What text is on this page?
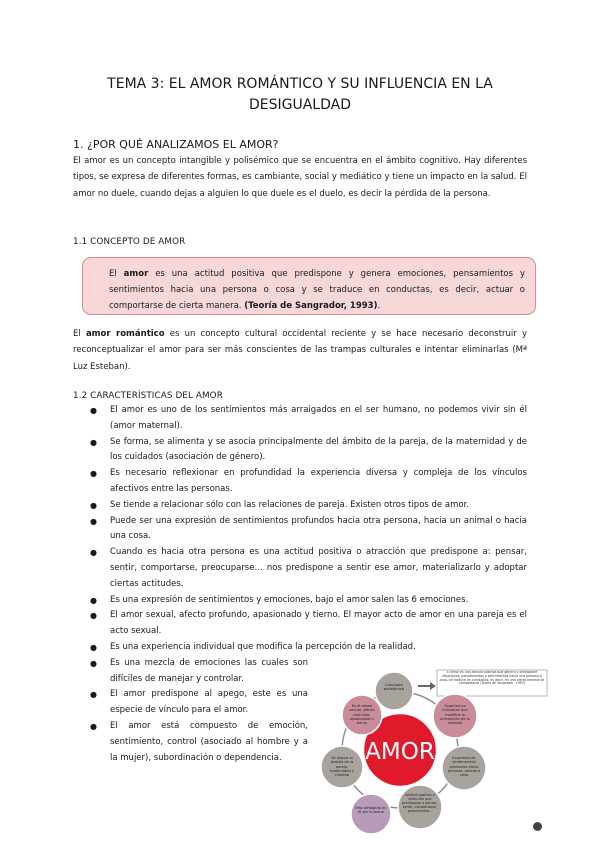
TEMA 3: EL AMOR ROMÁNTICO Y SU INFLUENCIA EN LA DESIGUALDAD
1. ¿POR QUÉ ANALIZAMOS EL AMOR?

El amor es un concepto intangible y polisémico que se encuentra en el ámbito cognitivo. Hay diferentes tipos, se expresa de diferentes formas, es cambiante, social y mediático y tiene un impacto en la salud. El amor no duele, cuando dejas a alguien lo que duele es el duelo, es decir la pérdida de la persona.

1.1 CONCEPTO DE AMOR

El amor es una actitud positiva que predispone y genera emociones, pensamientos y sentimientos hacia una persona o cosa y se traduce en conductas, es decir, actuar o comportarse de cierta manera. (Teoría de Sangrador, 1993).

El amor romántico es un concepto cultural occidental reciente y se hace necesario deconstruir y reconceptualizar el amor para ser más conscientes de las trampas culturales e intentar eliminarlas (Mª Luz Esteban).

1.2 CARACTERÍSTICAS DEL AMOR
● El amor es uno de los sentimientos más arraigados en el ser humano, no podemos vivir sin él (amor maternal).
● Se forma, se alimenta y se asocia principalmente del ámbito de la pareja, de la maternidad y de los cuidados (asociación de género).
● Es necesario reflexionar en profundidad la experiencia diversa y compleja de los vínculos afectivos entre las personas.
● Se tiende a relacionar sólo con las relaciones de pareja. Existen otros tipos de amor.
● Puede ser una expresión de sentimientos profundos hacia otra persona, hacia un animal o hacia una cosa.
● Cuando es hacia otra persona es una actitud positiva o atracción que predispone a: pensar, sentir, comportarse, preocuparse… nos predispone a sentir ese amor, materializarlo y adoptar ciertas actitudes.
● Es una expresión de sentimientos y emociones, bajo el amor salen las 6 emociones.
● El amor sexual, afecto profundo, apasionado y tierno. El mayor acto de amor en una pareja es el acto sexual.
● Es una experiencia individual que modifica la percepción de la realidad.
● Es una mezcla de emociones las cuales son difíciles de manejar y controlar.
● El amor predispone al apego, este es una especie de vínculo para el amor.
● El amor está compuesto de emoción, sentimiento, control (asociado al hombre y a la mujer), subordinación o dependencia.
El amor es una actitud positiva que genera y predispone emociones, pensamientos y sentimientos hacia una persona o cosa, se traduce en conductas, es decir, en una cierta manera de comportarse (Teoría de Sangrador, 1993)
AMOR
Concepto polisémico
Experiencia individual que modifica la percepción de la realidad
Expresión de sentimientos profundos hacia persona, animal o cosa
Actitud positiva o atracción que predispone a pensar, sentir, comportarse, preocuparse...
Más arraigado en el ser humano
Se asocia al ámbito de la pareja, maternidad y cuidado
Es el deseo sexual, afecto profundo, apasionado y tierno
